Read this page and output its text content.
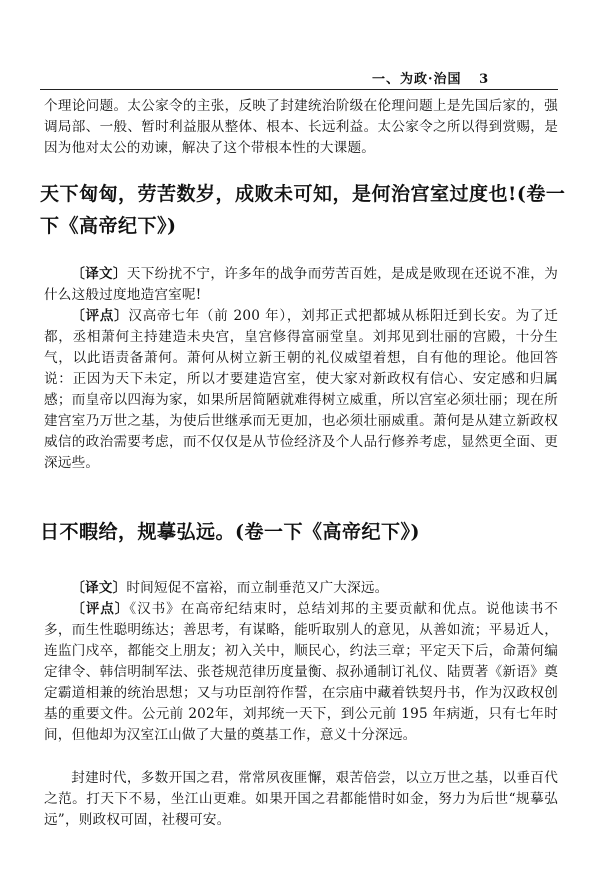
一、为政·治国 3

个理论问题。太公家令的主张，反映了封建统治阶级在伦理问题上是先国后家的，强调局部、一般、暂时利益服从整体、根本、长远利益。太公家令之所以得到赏赐，是因为他对太公的劝谏，解决了这个带根本性的大课题。

天下匈匈，劳苦数岁，成败未可知，是何治宫室过度也!(卷一下《高帝纪下》)

〔译文〕天下纷扰不宁，许多年的战争而劳苦百姓，是成是败现在还说不准，为什么这般过度地造宫室呢!

〔评点〕汉高帝七年（前 200 年），刘邦正式把都城从栎阳迁到长安。为了迁都，丞相萧何主持建造未央宫，皇宫修得富丽堂皇。刘邦见到壮丽的宫殿，十分生气，以此语责备萧何。萧何从树立新王朝的礼仪威望着想，自有他的理论。他回答说：正因为天下未定，所以才要建造宫室，使大家对新政权有信心、安定感和归属感；而皇帝以四海为家，如果所居简陋就难得树立威重，所以宫室必须壮丽；现在所建宫室乃万世之基，为使后世继承而无更加，也必须壮丽威重。萧何是从建立新政权威信的政治需要考虑，而不仅仅是从节俭经济及个人品行修养考虑，显然更全面、更深远些。

日不暇给，规摹弘远。(卷一下《高帝纪下》)

〔译文〕时间短促不富裕，而立制垂范又广大深远。

〔评点〕《汉书》在高帝纪结束时，总结刘邦的主要贡献和优点。说他读书不多，而生性聪明练达；善思考，有谋略，能听取别人的意见，从善如流；平易近人，连监门戍卒，都能交上朋友；初入关中，顺民心，约法三章；平定天下后，命萧何编定律令、韩信明制军法、张苍规范律历度量衡、叔孙通制订礼仪、陆贾著《新语》奠定霸道相兼的统治思想；又与功臣剖符作誓，在宗庙中藏着铁契丹书，作为汉政权创基的重要文件。公元前 202年，刘邦统一天下，到公元前 195 年病逝，只有七年时间，但他却为汉室江山做了大量的奠基工作，意义十分深远。

封建时代，多数开国之君，常常夙夜匪懈，艰苦倍尝，以立万世之基，以垂百代之范。打天下不易，坐江山更难。如果开国之君都能惜时如金，努力为后世“规摹弘远”，则政权可固，社稷可安。
